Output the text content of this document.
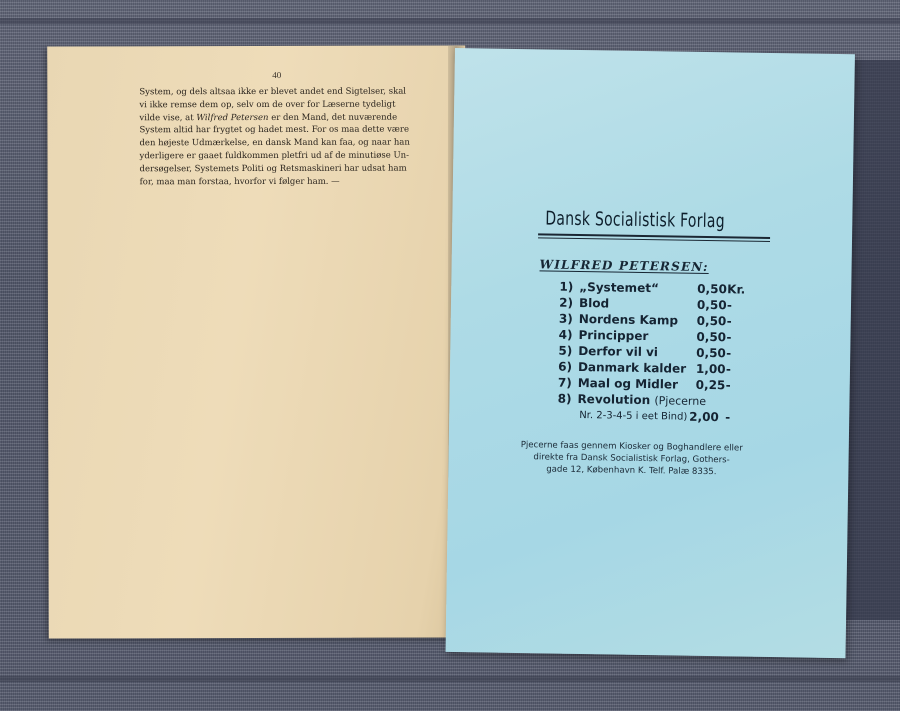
40
System, og dels altsaa ikke er blevet andet end Sigtelser, skal
vi ikke remse dem op, selv om de over for Læserne tydeligt
vilde vise, at Wilfred Petersen er den Mand, det nuværende
System altid har frygtet og hadet mest. For os maa dette være
den højeste Udmærkelse, en dansk Mand kan faa, og naar han
yderligere er gaaet fuldkommen pletfri ud af de minutiøse Un-
dersøgelser, Systemets Politi og Retsmaskineri har udsat ham
for, maa man forstaa, hvorfor vi følger ham. —
Dansk Socialistisk Forlag
WILFRED PETERSEN:
1) „Systemet“	0,50 Kr.
2) Blod	0,50 -
3) Nordens Kamp 0,50 -
4) Principper	0,50 -
5) Derfor vil vi	0,50 -
6) Danmark kalder 1,00 -
7) Maal og Midler 0,25 -
8) Revolution (Pjecerne
Nr. 2-3-4-5 i eet Bind) 2,00 -
Pjecerne faas gennem Kiosker og Boghandlere eller
direkte fra Dansk Socialistisk Forlag, Gothers-
gade 12, København K. Telf. Palæ 8335.
